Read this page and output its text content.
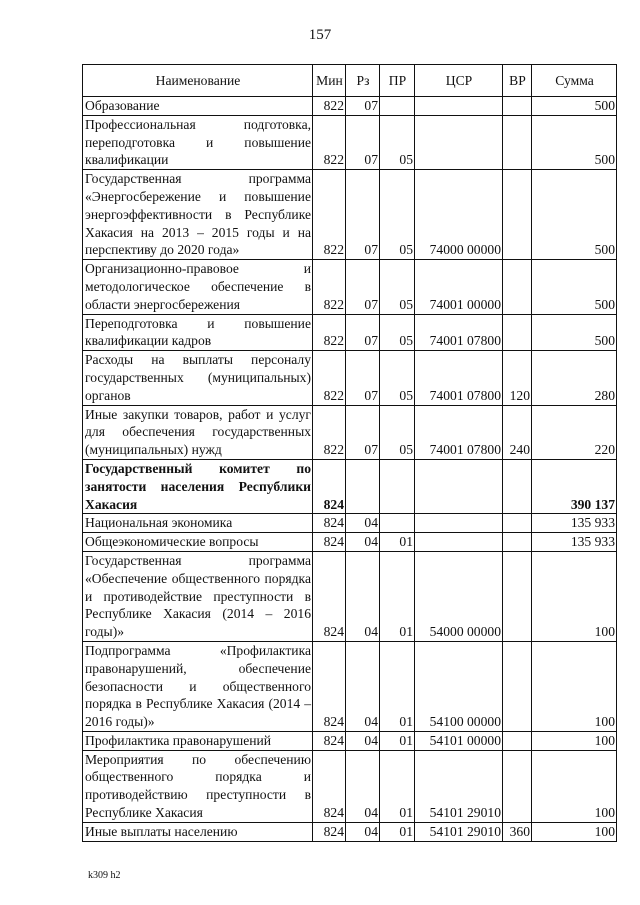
157
Наименование	Мин	Рз	ПР	ЦСР	ВР	Сумма
Образование	822	07				500
Профессиональная подготовка, переподготовка и повышение квалификации	822	07	05			500
Государственная программа «Энергосбережение и повышение энергоэффективности в Республике Хакасия на 2013 – 2015 годы и на перспективу до 2020 года»	822	07	05	74000 00000		500
Организационно-правовое и методологическое обеспечение в области энергосбережения	822	07	05	74001 00000		500
Переподготовка и повышение квалификации кадров	822	07	05	74001 07800		500
Расходы на выплаты персоналу государственных (муниципальных) органов	822	07	05	74001 07800	120	280
Иные закупки товаров, работ и услуг для обеспечения государственных (муниципальных) нужд	822	07	05	74001 07800	240	220
Государственный комитет по занятости населения Республики Хакасия	824					390 137
Национальная экономика	824	04				135 933
Общеэкономические вопросы	824	04	01			135 933
Государственная программа «Обеспечение общественного порядка и противодействие преступности в Республике Хакасия (2014 – 2016 годы)»	824	04	01	54000 00000		100
Подпрограмма «Профилактика правонарушений, обеспечение безопасности и общественного порядка в Республике Хакасия (2014 – 2016 годы)»	824	04	01	54100 00000		100
Профилактика правонарушений	824	04	01	54101 00000		100
Мероприятия по обеспечению общественного порядка и противодействию преступности в Республике Хакасия	824	04	01	54101 29010		100
Иные выплаты населению	824	04	01	54101 29010	360	100
k309 h2
